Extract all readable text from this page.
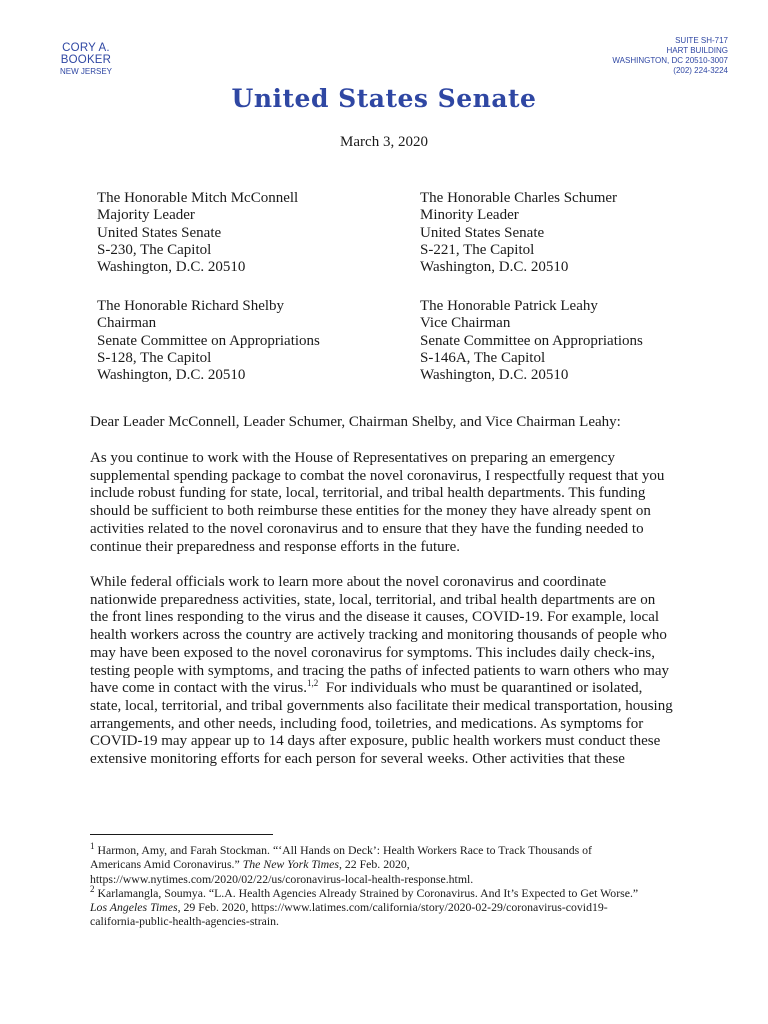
CORY A. BOOKER
NEW JERSEY
SUITE SH-717
HART BUILDING
WASHINGTON, DC 20510-3007
(202) 224-3224
United States Senate
March 3, 2020
The Honorable Mitch McConnell
Majority Leader
United States Senate
S-230, The Capitol
Washington, D.C. 20510
The Honorable Charles Schumer
Minority Leader
United States Senate
S-221, The Capitol
Washington, D.C. 20510
The Honorable Richard Shelby
Chairman
Senate Committee on Appropriations
S-128, The Capitol
Washington, D.C. 20510
The Honorable Patrick Leahy
Vice Chairman
Senate Committee on Appropriations
S-146A, The Capitol
Washington, D.C. 20510
Dear Leader McConnell, Leader Schumer, Chairman Shelby, and Vice Chairman Leahy:
As you continue to work with the House of Representatives on preparing an emergency
supplemental spending package to combat the novel coronavirus, I respectfully request that you
include robust funding for state, local, territorial, and tribal health departments. This funding
should be sufficient to both reimburse these entities for the money they have already spent on
activities related to the novel coronavirus and to ensure that they have the funding needed to
continue their preparedness and response efforts in the future.
While federal officials work to learn more about the novel coronavirus and coordinate
nationwide preparedness activities, state, local, territorial, and tribal health departments are on
the front lines responding to the virus and the disease it causes, COVID-19. For example, local
health workers across the country are actively tracking and monitoring thousands of people who
may have been exposed to the novel coronavirus for symptoms. This includes daily check-ins,
testing people with symptoms, and tracing the paths of infected patients to warn others who may
have come in contact with the virus.$^{1,2}$  For individuals who must be quarantined or isolated,
state, local, territorial, and tribal governments also facilitate their medical transportation, housing
arrangements, and other needs, including food, toiletries, and medications. As symptoms for
COVID-19 may appear up to 14 days after exposure, public health workers must conduct these
extensive monitoring efforts for each person for several weeks. Other activities that these
$^1$ Harmon, Amy, and Farah Stockman. “‘All Hands on Deck’: Health Workers Race to Track Thousands of
Americans Amid Coronavirus.” The New York Times, 22 Feb. 2020,
https://www.nytimes.com/2020/02/22/us/coronavirus-local-health-response.html.
$^2$ Karlamangla, Soumya. “L.A. Health Agencies Already Strained by Coronavirus. And It’s Expected to Get Worse.”
Los Angeles Times, 29 Feb. 2020, https://www.latimes.com/california/story/2020-02-29/coronavirus-covid19-
california-public-health-agencies-strain.
